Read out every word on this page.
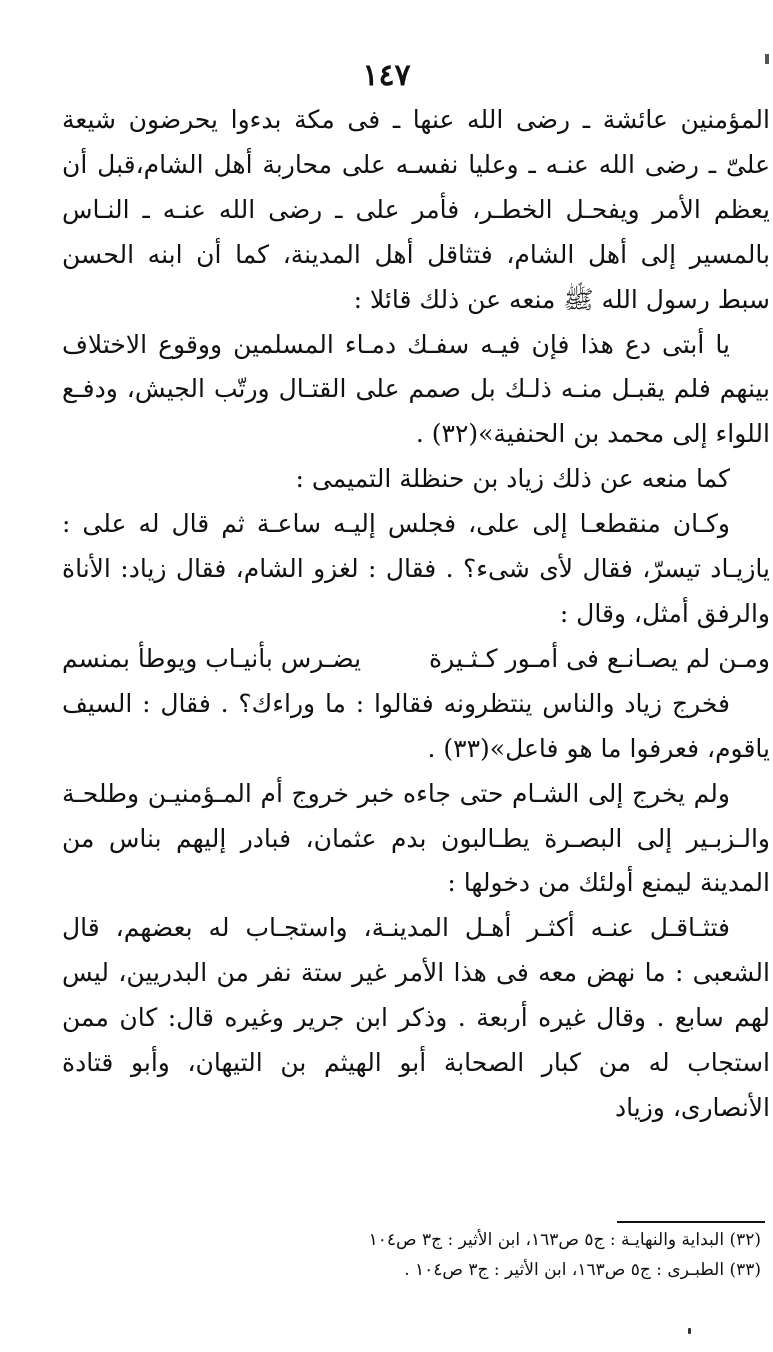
١٤٧

المؤمنين عائشة ـ رضى الله عنها ـ فى مكة بدءوا يحرضون شيعة علىّ ـ رضى الله عنـه ـ وعليا نفسـه على محاربة أهل الشام،قبل أن يعظم الأمر ويفحـل الخطـر، فأمر على ـ رضى الله عنـه ـ النـاس بالمسير إلى أهل الشام، فتثاقل أهل المدينة، كما أن ابنه الحسن سبط رسول الله ﷺ منعه عن ذلك قائلا :

يا أبتى دع هذا فإن فيـه سفـك دمـاء المسلمين ووقوع الاختلاف بينهم فلم يقبـل منـه ذلـك بل صمم على القتـال ورتّب الجيش، ودفـع اللواء إلى محمد بن الحنفية»(٣٢) .

كما منعه عن ذلك زياد بن حنظلة التميمى :

وكـان منقطعـا إلى على، فجلس إليـه ساعـة ثم قال له على : يازيـاد تيسرّ، فقال لأى شىء؟ . فقال : لغزو الشام، فقال زياد: الأناة والرفق أمثل، وقال :

ومـن لم يصـانـع فى أمـور كـثـيرة
يضـرس بأنيـاب ويوطأ بمنسم

فخرج زياد والناس ينتظرونه فقالوا : ما وراءك؟ . فقال : السيف ياقوم، فعرفوا ما هو فاعل»(٣٣) .

ولم يخرج إلى الشـام حتى جاءه خبر خروج أم المـؤمنيـن وطلحـة والـزبـير إلى البصـرة يطـالبون بدم عثمان، فبادر إليهم بناس من المدينة ليمنع أولئك من دخولها :

فتثـاقـل عنـه أكثـر أهـل المدينـة، واستجـاب له بعضهم، قال الشعبى : ما نهض معه فى هذا الأمر غير ستة نفر من البدريين، ليس لهم سابع . وقال غيره أربعة . وذكر ابن جرير وغيره قال: كان ممن استجاب له من كبار الصحابة أبو الهيثم بن التيهان، وأبو قتادة الأنصارى، وزياد

(٣٢) البداية والنهايـة : ج٥ ص١٦٣، ابن الأثير : ج٣ ص١٠٤

(٣٣) الطبـرى : ج٥ ص١٦٣، ابن الأثير : ج٣ ص١٠٤ .
